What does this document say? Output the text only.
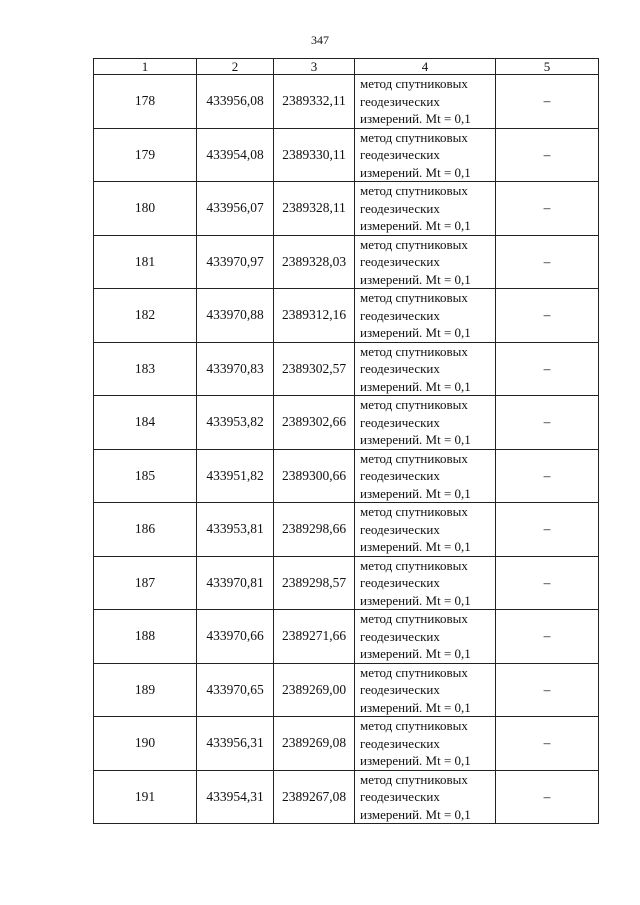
347
1	2	3	4	5
178	433956,08	2389332,11	метод спутниковых
геодезических
измерений. Mt = 0,1	–
179	433954,08	2389330,11	метод спутниковых
геодезических
измерений. Mt = 0,1	–
180	433956,07	2389328,11	метод спутниковых
геодезических
измерений. Mt = 0,1	–
181	433970,97	2389328,03	метод спутниковых
геодезических
измерений. Mt = 0,1	–
182	433970,88	2389312,16	метод спутниковых
геодезических
измерений. Mt = 0,1	–
183	433970,83	2389302,57	метод спутниковых
геодезических
измерений. Mt = 0,1	–
184	433953,82	2389302,66	метод спутниковых
геодезических
измерений. Mt = 0,1	–
185	433951,82	2389300,66	метод спутниковых
геодезических
измерений. Mt = 0,1	–
186	433953,81	2389298,66	метод спутниковых
геодезических
измерений. Mt = 0,1	–
187	433970,81	2389298,57	метод спутниковых
геодезических
измерений. Mt = 0,1	–
188	433970,66	2389271,66	метод спутниковых
геодезических
измерений. Mt = 0,1	–
189	433970,65	2389269,00	метод спутниковых
геодезических
измерений. Mt = 0,1	–
190	433956,31	2389269,08	метод спутниковых
геодезических
измерений. Mt = 0,1	–
191	433954,31	2389267,08	метод спутниковых
геодезических
измерений. Mt = 0,1	–
